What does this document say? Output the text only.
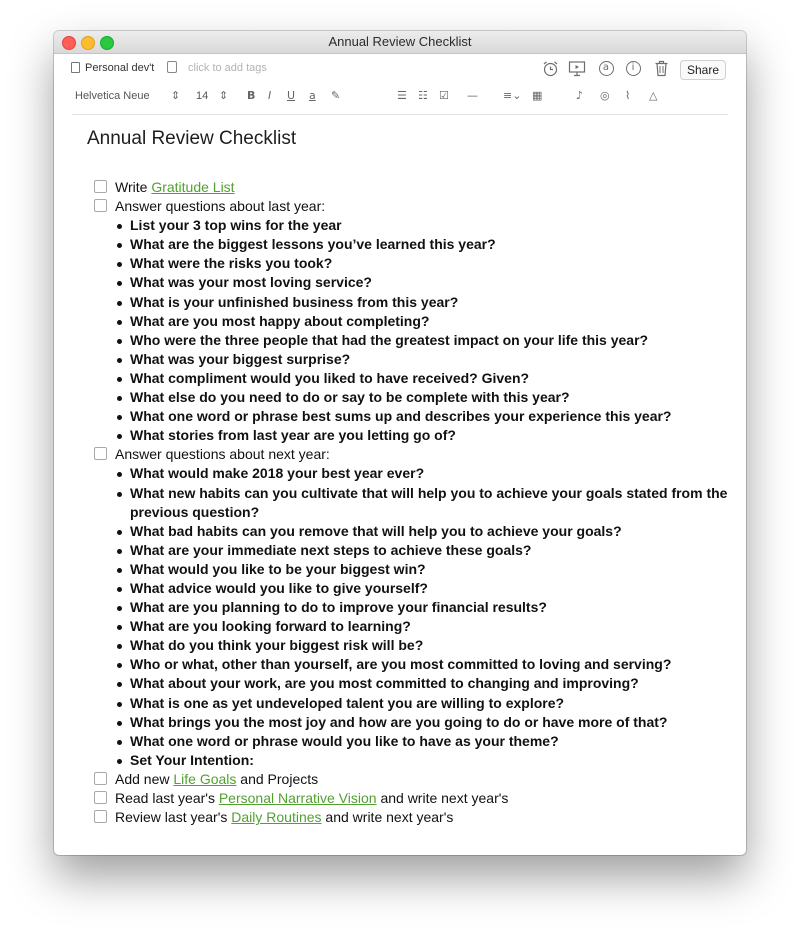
Annual Review Checklist
Personal dev't	click to add tags	a	i	Share
Helvetica Neue ⇕ 14 ⇕ B I U a ✎	☰ ☷ ☑ — ≡⌄ ▦	♪ ◎ ⌇ △
Annual Review Checklist
Write Gratitude List
Answer questions about last year:
List your 3 top wins for the year
What are the biggest lessons you’ve learned this year?
What were the risks you took?
What was your most loving service?
What is your unfinished business from this year?
What are you most happy about completing?
Who were the three people that had the greatest impact on your life this year?
What was your biggest surprise?
What compliment would you liked to have received? Given?
What else do you need to do or say to be complete with this year?
What one word or phrase best sums up and describes your experience this year?
What stories from last year are you letting go of?
Answer questions about next year:
What would make 2018 your best year ever?
What new habits can you cultivate that will help you to achieve your goals stated from the previous question?
What bad habits can you remove that will help you to achieve your goals?
What are your immediate next steps to achieve these goals?
What would you like to be your biggest win?
What advice would you like to give yourself?
What are you planning to do to improve your financial results?
What are you looking forward to learning?
What do you think your biggest risk will be?
Who or what, other than yourself, are you most committed to loving and serving?
What about your work, are you most committed to changing and improving?
What is one as yet undeveloped talent you are willing to explore?
What brings you the most joy and how are you going to do or have more of that?
What one word or phrase would you like to have as your theme?
Set Your Intention:
Add new Life Goals and Projects
Read last year's Personal Narrative Vision and write next year's
Review last year's Daily Routines and write next year's
